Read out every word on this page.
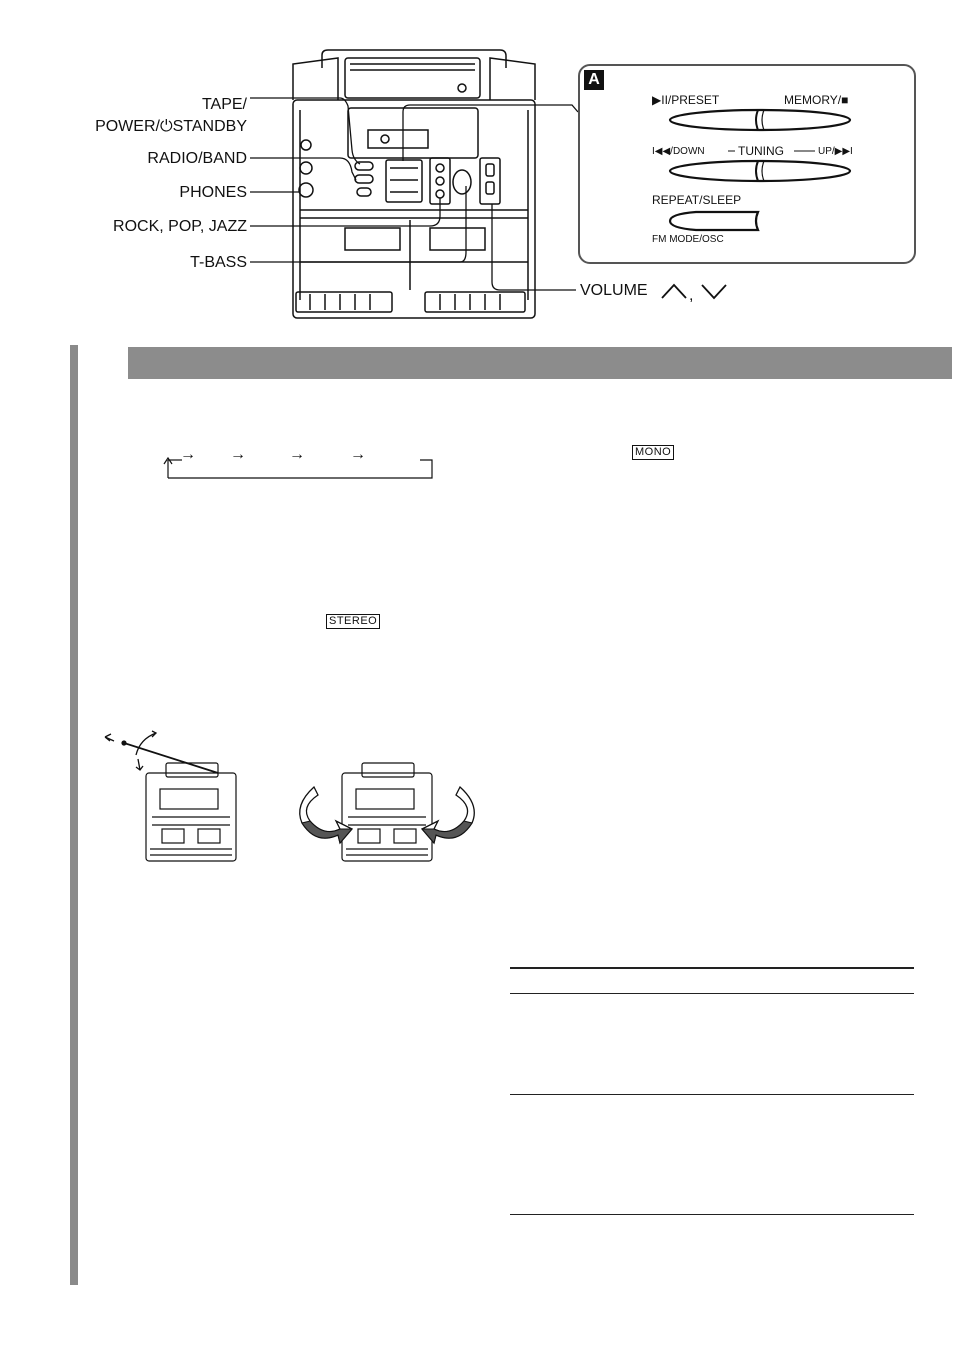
TAPE/
POWER/⏻STANDBY
RADIO/BAND
PHONES
ROCK, POP, JAZZ
T-BASS
VOLUME	,
A
▶II/PRESET	MEMORY/■
I◀◀/DOWN	TUNING	UP/▶▶I
REPEAT/SLEEP
FM MODE/OSC
→ →	→	→	MONO
STEREO
